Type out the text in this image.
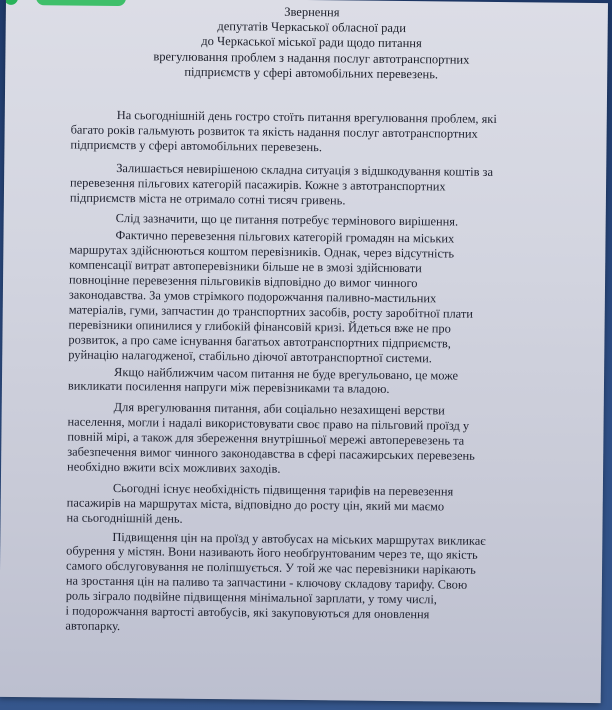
Звернення
депутатів Черкаської обласної ради
до Черкаської міської ради щодо питання
врегулювання проблем з надання послуг автотранспортних
підприємств у сфері автомобільних перевезень.
На сьогоднішній день гостро стоїть питання врегулювання проблем, які
багато років гальмують розвиток та якість надання послуг автотранспортних
підприємств у сфері автомобільних перевезень.
Залишається невирішеною складна ситуація з відшкодування коштів за
перевезення пільгових категорій пасажирів. Кожне з автотранспортних
підприємств міста не отримало сотні тисяч гривень.
Слід зазначити, що це питання потребує термінового вирішення.
Фактично перевезення пільгових категорій громадян на міських
маршрутах здійснюються коштом перевізників. Однак, через відсутність
компенсації витрат автоперевізники більше не в змозі здійснювати
повноцінне перевезення пільговиків відповідно до вимог чинного
законодавства. За умов стрімкого подорожчання паливно-мастильних
матеріалів, гуми, запчастин до транспортних засобів, росту заробітної плати
перевізники опинилися у глибокій фінансовій кризі. Йдеться вже не про
розвиток, а про саме існування багатьох автотранспортних підприємств,
руйнацію налагодженої, стабільно діючої автотранспортної системи.
Якщо найближчим часом питання не буде врегульовано, це може
викликати посилення напруги між перевізниками та владою.
Для врегулювання питання, аби соціально незахищені верстви
населення, могли і надалі використовувати своє право на пільговий проїзд у
повній мірі, а також для збереження внутрішньої мережі автоперевезень та
забезпечення вимог чинного законодавства в сфері пасажирських перевезень
необхідно вжити всіх можливих заходів.
Сьогодні існує необхідність підвищення тарифів на перевезення
пасажирів на маршрутах міста, відповідно до росту цін, який ми маємо
на сьогоднішній день.
Підвищення цін на проїзд у автобусах на міських маршрутах викликає
обурення у містян. Вони називають його необґрунтованим через те, що якість
самого обслуговування не поліпшується. У той же час перевізники нарікають
на зростання цін на паливо та запчастини - ключову складову тарифу. Свою
роль зіграло подвійне підвищення мінімальної зарплати, у тому числі,
і подорожчання вартості автобусів, які закуповуються для оновлення
автопарку.
